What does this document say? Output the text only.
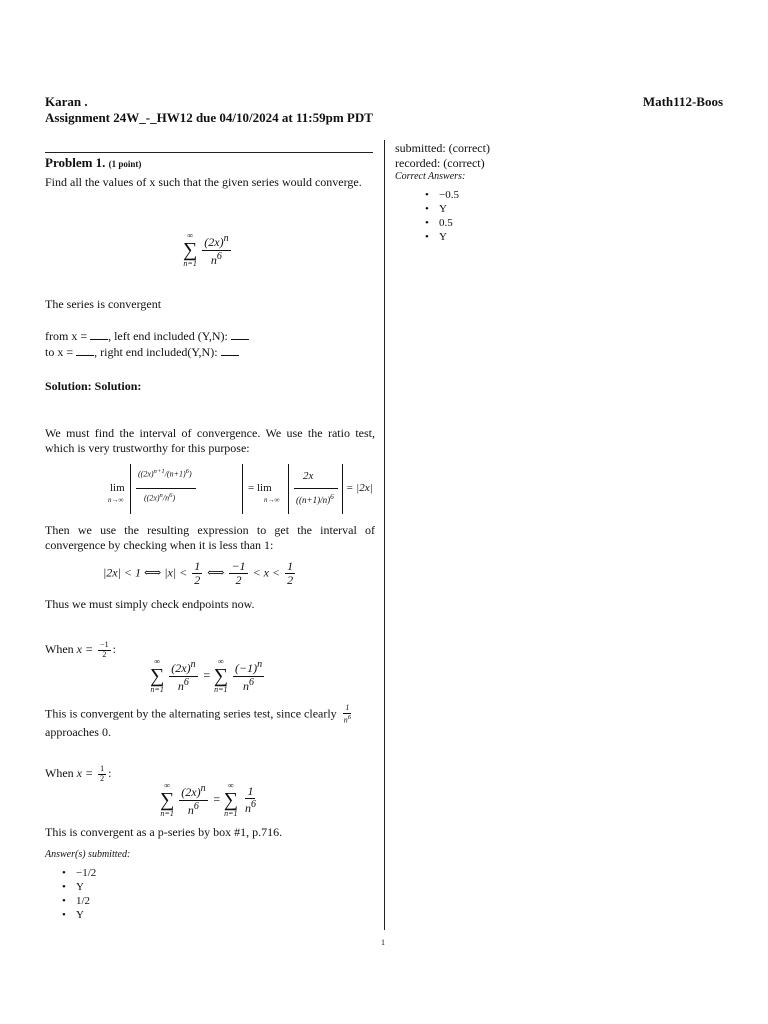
Karan .	Math112-Boos
Assignment 24W_-_HW12 due 04/10/2024 at 11:59pm PDT
Problem 1. (1 point)
Find all the values of x such that the given series would converge.
∞
∑
n=1
$\frac{(2x)^n}{n^6}$
The series is convergent
from x = , left end included (Y,N):
to x = , right end included(Y,N):
Solution: Solution:
We must find the interval of convergence. We use the ratio test, which is very trustworthy for this purpose:
lim
n→∞
$((2x)^{n+1}/(n+1)^6)$
$((2x)^n/n^6)$
= lim
n→∞
2x
$((n+1)/n)^6$
= |2x|
Then we use the resulting expression to get the interval of convergence by checking when it is less than 1:
|2x| < 1 ⟺ $|x| < \frac{1}{2}$ ⟺ $\frac{-1}{2} < x < \frac{1}{2}$
Thus we must simply check endpoints now.
When $x = \frac{-1}{2}$ :
∞
∑
n=1
$\frac{(2x)^n}{n^6}$ =
∞
∑
n=1
$\frac{(-1)^n}{n^6}$
This is convergent by the alternating series test, since clearly $\frac{1}{n^6}$
approaches 0.
When $x = \frac{1}{2}$ :
∞
∑
n=1
$\frac{(2x)^n}{n^6}$ =
∞
∑
n=1
$\frac{1}{n^6}$
This is convergent as a p-series by box #1, p.716.
Answer(s) submitted:
• −1/2
• Y
• 1/2
• Y
submitted: (correct)
recorded: (correct)
Correct Answers:
• −0.5
• Y
• 0.5
• Y
1
